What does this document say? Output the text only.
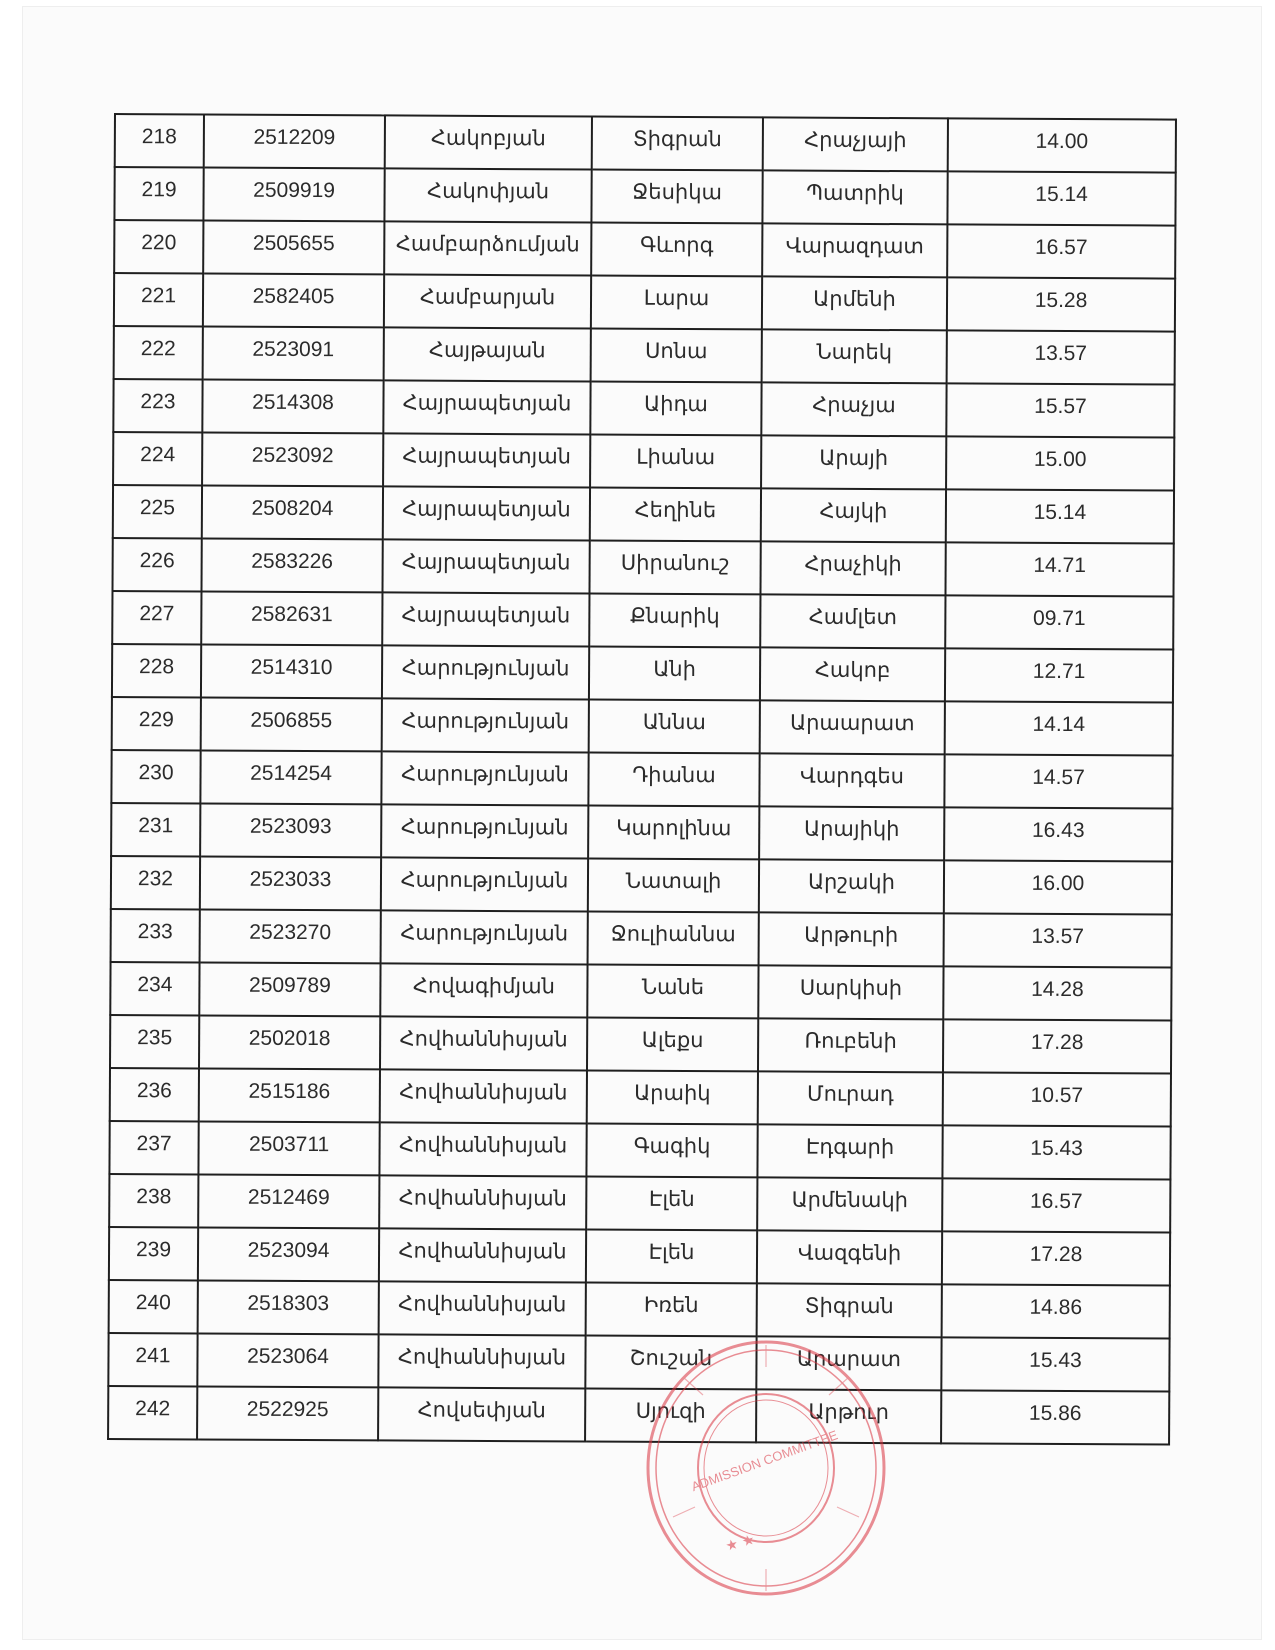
218	2512209	Հակոբյան	Տիգրան	Հրաչյայի	14.00
219	2509919	Հակոփյան	Ջեսիկա	Պատրիկ	15.14
220	2505655	Համբարձումյան	Գևորգ	Վարազդատ	16.57
221	2582405	Համբարյան	Լարա	Արմենի	15.28
222	2523091	Հայթայան	Սոնա	Նարեկ	13.57
223	2514308	Հայրապետյան	Աիդա	Հրաչյա	15.57
224	2523092	Հայրապետյան	Լիանա	Արայի	15.00
225	2508204	Հայրապետյան	Հեղինե	Հայկի	15.14
226	2583226	Հայրապետյան	Սիրանուշ	Հրաչիկի	14.71
227	2582631	Հայրապետյան	Քնարիկ	Համլետ	09.71
228	2514310	Հարությունյան	Անի	Հակոբ	12.71
229	2506855	Հարությունյան	Աննա	Արաարատ	14.14
230	2514254	Հարությունյան	Դիանա	Վարդգես	14.57
231	2523093	Հարությունյան	Կարոլինա	Արայիկի	16.43
232	2523033	Հարությունյան	Նատալի	Արշակի	16.00
233	2523270	Հարությունյան	Ջուլիաննա	Արթուրի	13.57
234	2509789	Հովագիմյան	Նանե	Սարկիսի	14.28
235	2502018	Հովհաննիսյան	Ալեքս	Ռուբենի	17.28
236	2515186	Հովհաննիսյան	Արաիկ	Մուրադ	10.57
237	2503711	Հովհաննիսյան	Գագիկ	Էդգարի	15.43
238	2512469	Հովհաննիսյան	Էլեն	Արմենակի	16.57
239	2523094	Հովհաննիսյան	Էլեն	Վազգենի	17.28
240	2518303	Հովհաննիսյան	Իռեն	Տիգրան	14.86
241	2523064	Հովհաննիսյան	Շուշան	Արարատ	15.43
242	2522925	Հովսեփյան	Սյուզի	Արթուր	15.86
ADMISSION COMMITTEE
★ ★
